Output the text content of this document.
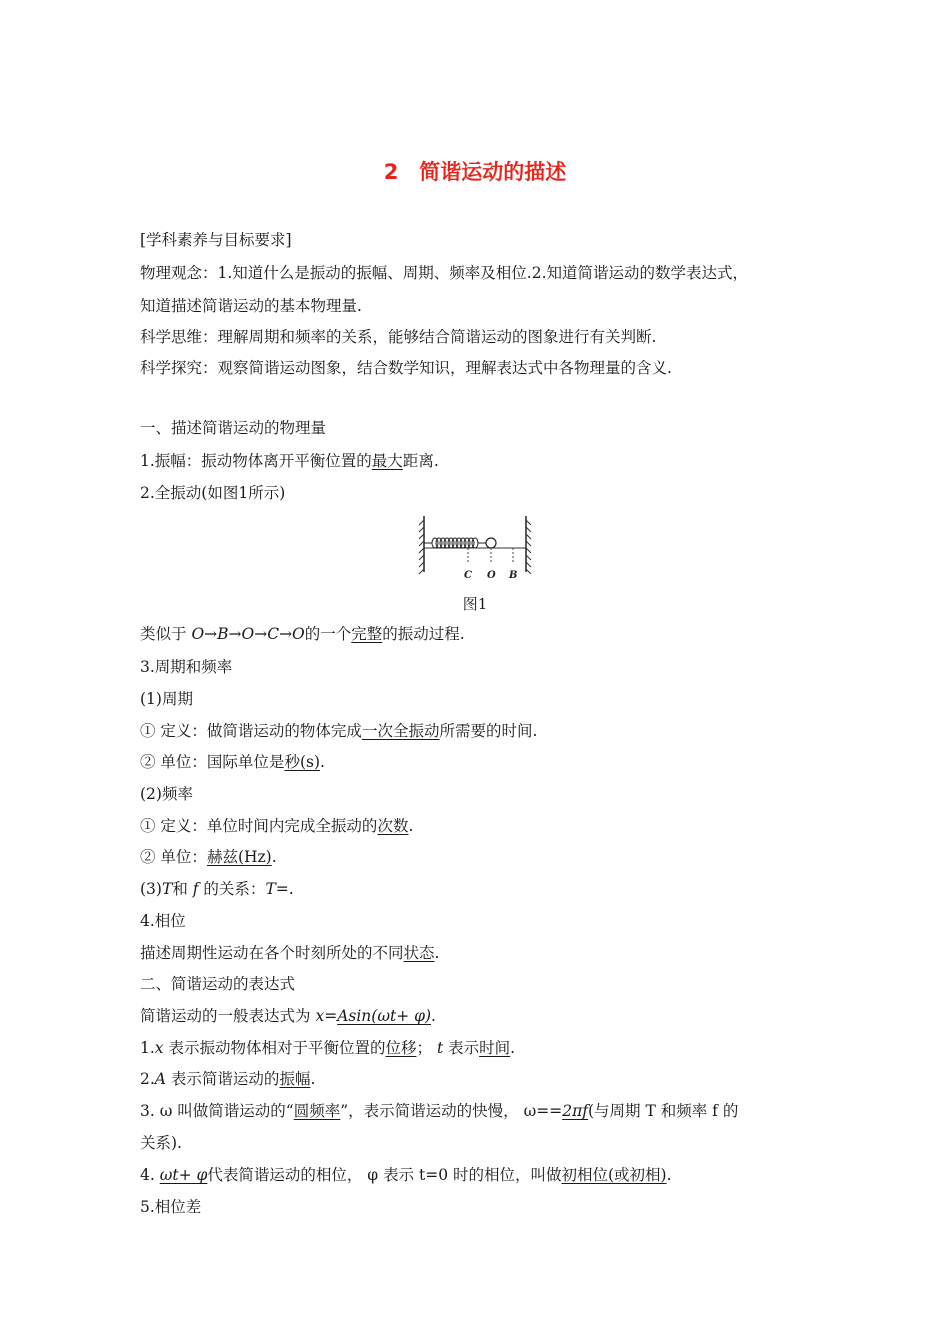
2　简谐运动的描述
[学科素养与目标要求]
物理观念：1.知道什么是振动的振幅、周期、频率及相位.2.知道简谐运动的数学表达式，
知道描述简谐运动的基本物理量.
科学思维：理解周期和频率的关系，能够结合简谐运动的图象进行有关判断.
科学探究：观察简谐运动图象，结合数学知识，理解表达式中各物理量的含义.
一、描述简谐运动的物理量
1.振幅：振动物体离开平衡位置的最大距离.
2.全振动(如图1所示)
C O B
图1
类似于 O→B→O→C→O的一个完整的振动过程.
3.周期和频率
(1)周期
① 定义：做简谐运动的物体完成一次全振动所需要的时间.
② 单位：国际单位是秒(s).
(2)频率
① 定义：单位时间内完成全振动的次数.
② 单位：赫兹(Hz).
(3)T和 f 的关系：T=.
4.相位
描述周期性运动在各个时刻所处的不同状态.
二、简谐运动的表达式
简谐运动的一般表达式为 x=Asin(ωt+ φ).
1.x 表示振动物体相对于平衡位置的位移； t 表示时间.
2.A 表示简谐运动的振幅.
3. ω 叫做简谐运动的“圆频率”，表示简谐运动的快慢， ω==2πf(与周期 T 和频率 f 的
关系).
4. ωt+ φ代表简谐运动的相位， φ 表示 t=0 时的相位，叫做初相位(或初相).
5.相位差
